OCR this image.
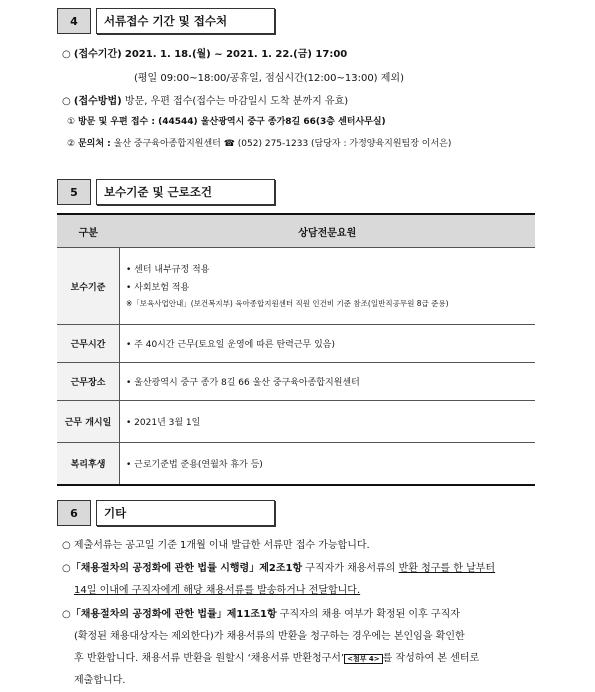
4	서류접수 기간 및 접수처
○ (접수기간) 2021. 1. 18.(월) ~ 2021. 1. 22.(금) 17:00
(평일 09:00~18:00/공휴일, 점심시간(12:00~13:00) 제외)
○ (접수방법) 방문, 우편 접수(접수는 마감일시 도착 분까지 유효)
① 방문 및 우편 접수 : (44544) 울산광역시 중구 종가8길 66(3층 센터사무실)
② 문의처 : 울산 중구육아종합지원센터 ☎ (052) 275-1233 (담당자 : 가정양육지원팀장 이서은)
5	보수기준 및 근로조건
구분	상담전문요원
보수기준	• 센터 내부규정 적용
• 사회보험 적용
※「보육사업안내」(보건복지부) 육아종합지원센터 직원 인건비 기준 참조(일반직공무원 8급 준용)

근무시간	• 주 40시간 근무(토요일 운영에 따른 탄력근무 있음)
근무장소	• 울산광역시 중구 종가 8길 66 울산 중구육아종합지원센터
근무 개시일	• 2021년 3월 1일
복리후생	• 근로기준법 준용(연월차 휴가 등)
6	기타
○ 제출서류는 공고일 기준 1개월 이내 발급한 서류만 접수 가능합니다.
○「채용절차의 공정화에 관한 법률 시행령」제2조1항 구직자가 채용서류의 반환 청구를 한 날부터
14일 이내에 구직자에게 해당 채용서류를 발송하거나 전달합니다.
○「채용절차의 공정화에 관한 법률」제11조1항 구직자의 채용 여부가 확정된 이후 구직자
(확정된 채용대상자는 제외한다)가 채용서류의 반환을 청구하는 경우에는 본인임을 확인한
후 반환합니다. 채용서류 반환을 원할시 ‘채용서류 반환청구서’ <첨부 4> 를 작성하여 본 센터로
제출합니다.
